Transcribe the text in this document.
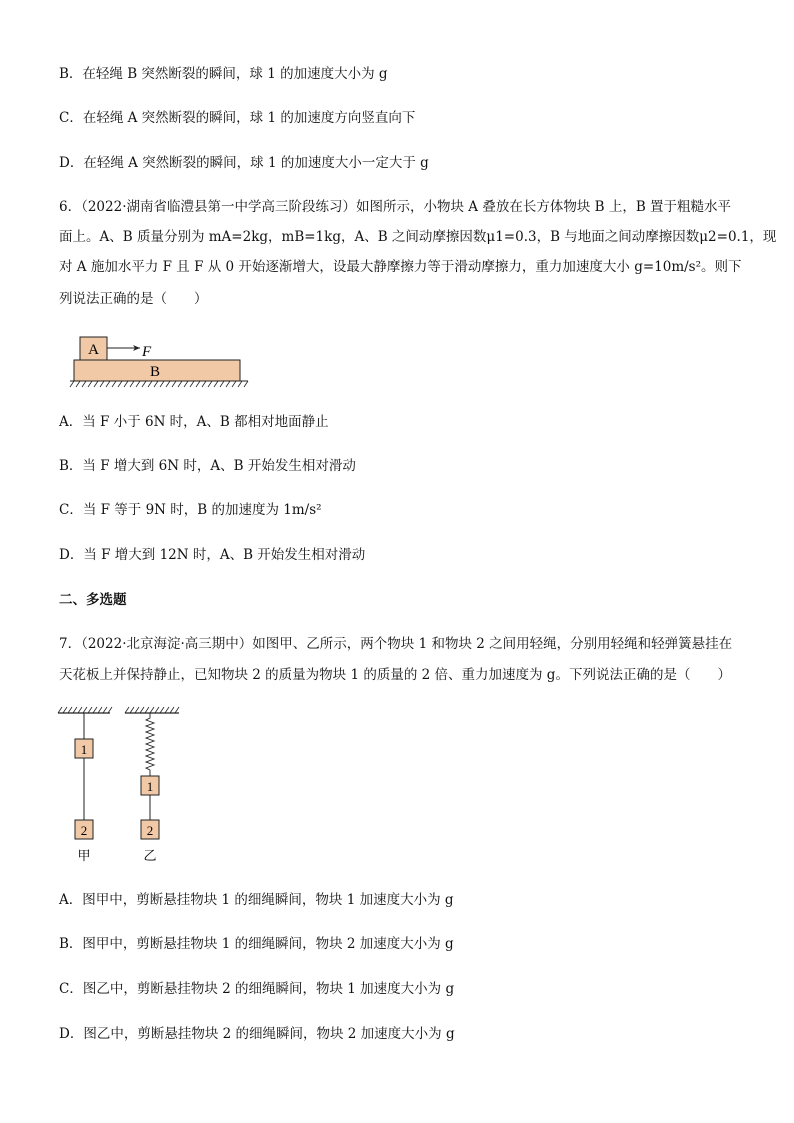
B．在轻绳 B 突然断裂的瞬间，球 1 的加速度大小为 g
C．在轻绳 A 突然断裂的瞬间，球 1 的加速度方向竖直向下
D．在轻绳 A 突然断裂的瞬间，球 1 的加速度大小一定大于 g
6．（2022·湖南省临澧县第一中学高三阶段练习）如图所示，小物块 A 叠放在长方体物块 B 上，B 置于粗糙水平
面上。A、B 质量分别为 mA=2kg，mB=1kg，A、B 之间动摩擦因数μ1=0.3，B 与地面之间动摩擦因数μ2=0.1，现
对 A 施加水平力 F 且 F 从 0 开始逐渐增大，设最大静摩擦力等于滑动摩擦力，重力加速度大小 g=10m/s²。则下
列说法正确的是（　　）
A
B
F
A．当 F 小于 6N 时，A、B 都相对地面静止
B．当 F 增大到 6N 时，A、B 开始发生相对滑动
C．当 F 等于 9N 时，B 的加速度为 1m/s²
D．当 F 增大到 12N 时，A、B 开始发生相对滑动
二、多选题
7．（2022·北京海淀·高三期中）如图甲、乙所示，两个物块 1 和物块 2 之间用轻绳，分别用轻绳和轻弹簧悬挂在
天花板上并保持静止，已知物块 2 的质量为物块 1 的质量的 2 倍、重力加速度为 g。下列说法正确的是（　　）
1
2
1
2
甲	乙
A．图甲中，剪断悬挂物块 1 的细绳瞬间，物块 1 加速度大小为 g
B．图甲中，剪断悬挂物块 1 的细绳瞬间，物块 2 加速度大小为 g
C．图乙中，剪断悬挂物块 2 的细绳瞬间，物块 1 加速度大小为 g
D．图乙中，剪断悬挂物块 2 的细绳瞬间，物块 2 加速度大小为 g
